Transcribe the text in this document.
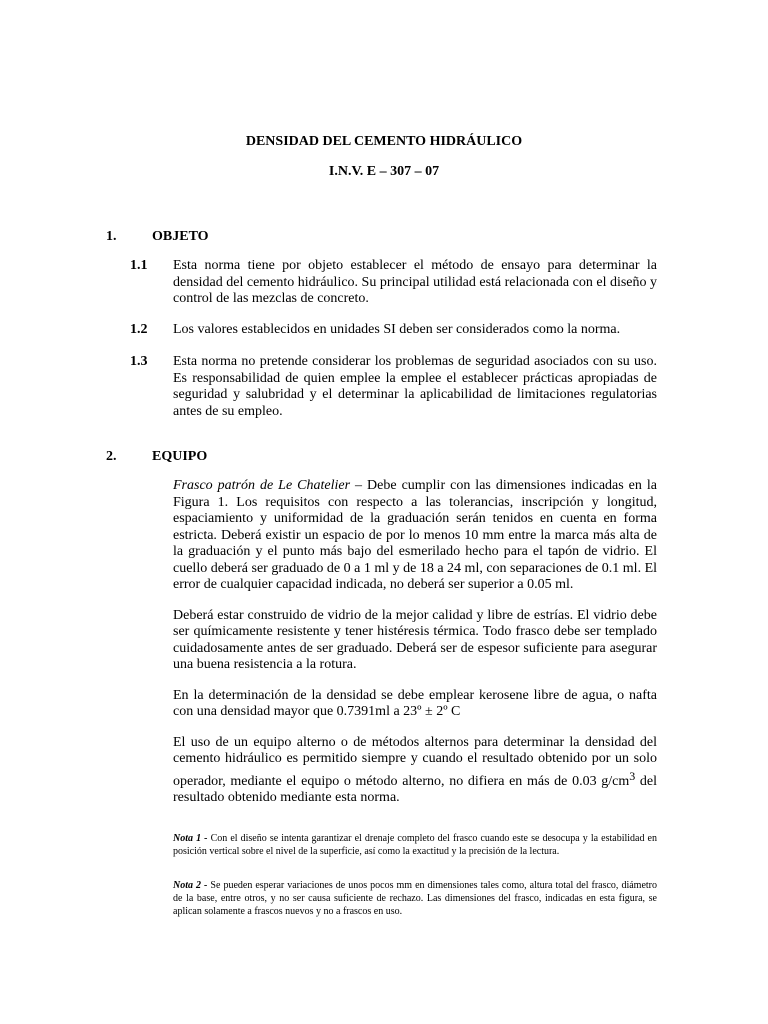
DENSIDAD DEL CEMENTO HIDRÁULICO
I.N.V. E – 307 – 07
1.	OBJETO
1.1 Esta norma tiene por objeto establecer el método de ensayo para determinar la densidad del cemento hidráulico. Su principal utilidad está relacionada con el diseño y control de las mezclas de concreto.
1.2 Los valores establecidos en unidades SI deben ser considerados como la norma.
1.3 Esta norma no pretende considerar los problemas de seguridad asociados con su uso. Es responsabilidad de quien emplee la emplee el establecer prácticas apropiadas de seguridad y salubridad y el determinar la aplicabilidad de limitaciones regulatorias antes de su empleo.
2.	EQUIPO

Frasco patrón de Le Chatelier – Debe cumplir con las dimensiones indicadas en la Figura 1. Los requisitos con respecto a las tolerancias, inscripción y longitud, espaciamiento y uniformidad de la graduación serán tenidos en cuenta en forma estricta. Deberá existir un espacio de por lo menos 10 mm entre la marca más alta de la graduación y el punto más bajo del esmerilado hecho para el tapón de vidrio. El cuello deberá ser graduado de 0 a 1 ml y de 18 a 24 ml, con separaciones de 0.1 ml. El error de cualquier capacidad indicada, no deberá ser superior a 0.05 ml.

Deberá estar construido de vidrio de la mejor calidad y libre de estrías. El vidrio debe ser químicamente resistente y tener histéresis térmica. Todo frasco debe ser templado cuidadosamente antes de ser graduado. Deberá ser de espesor suficiente para asegurar una buena resistencia a la rotura.

En la determinación de la densidad se debe emplear kerosene libre de agua, o nafta con una densidad mayor que 0.7391ml a 23º ± 2º C

El uso de un equipo alterno o de métodos alternos para determinar la densidad del cemento hidráulico es permitido siempre y cuando el resultado obtenido por un solo operador, mediante el equipo o método alterno, no difiera en más de 0.03 $g/cm^3$ del resultado obtenido mediante esta norma.

Nota 1 - Con el diseño se intenta garantizar el drenaje completo del frasco cuando este se desocupa y la estabilidad en posición vertical sobre el nivel de la superficie, así como la exactitud y la precisión de la lectura.
Nota 2 - Se pueden esperar variaciones de unos pocos mm en dimensiones tales como, altura total del frasco, diámetro de la base, entre otros, y no ser causa suficiente de rechazo. Las dimensiones del frasco, indicadas en esta figura, se aplican solamente a frascos nuevos y no a frascos en uso.
